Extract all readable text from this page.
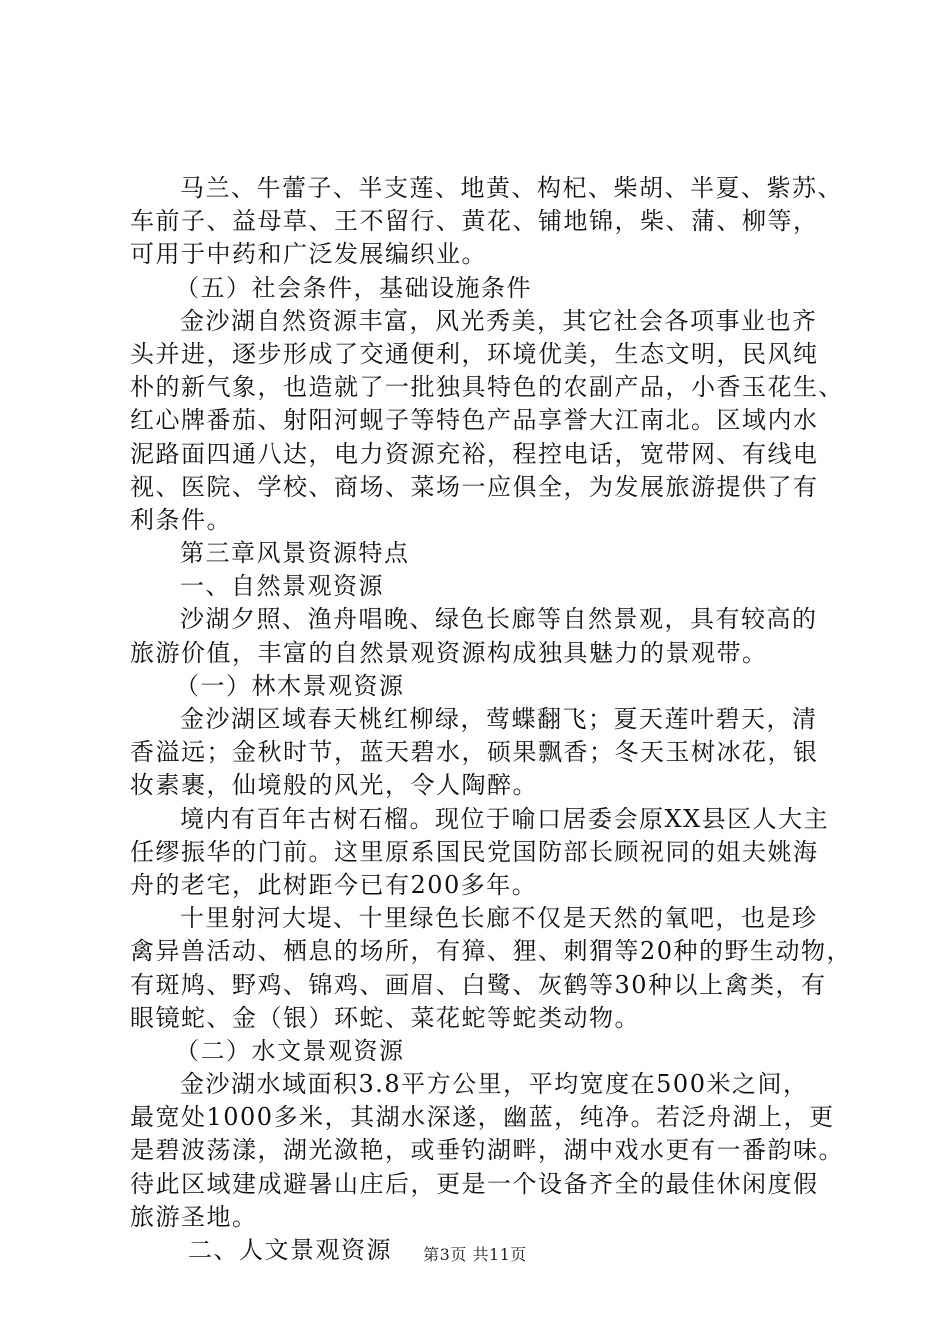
马兰、牛蕾子、半支莲、地黄、构杞、柴胡、半夏、紫苏、
车前子、益母草、王不留行、黄花、铺地锦，柴、蒲、柳等，
可用于中药和广泛发展编织业。
（五）社会条件，基础设施条件
金沙湖自然资源丰富，风光秀美，其它社会各项事业也齐
头并进，逐步形成了交通便利，环境优美，生态文明，民风纯
朴的新气象，也造就了一批独具特色的农副产品，小香玉花生、
红心牌番茄、射阳河蚬子等特色产品享誉大江南北。区域内水
泥路面四通八达，电力资源充裕，程控电话，宽带网、有线电
视、医院、学校、商场、菜场一应俱全，为发展旅游提供了有
利条件。
第三章风景资源特点
一、自然景观资源
沙湖夕照、渔舟唱晚、绿色长廊等自然景观，具有较高的
旅游价值，丰富的自然景观资源构成独具魅力的景观带。
（一）林木景观资源
金沙湖区域春天桃红柳绿，莺蝶翻飞；夏天莲叶碧天，清
香溢远；金秋时节，蓝天碧水，硕果飘香；冬天玉树冰花，银
妆素裹，仙境般的风光，令人陶醉。
境内有百年古树石榴。现位于喻口居委会原XX县区人大主
任缪振华的门前。这里原系国民党国防部长顾祝同的姐夫姚海
舟的老宅，此树距今已有200多年。
十里射河大堤、十里绿色长廊不仅是天然的氧吧，也是珍
禽异兽活动、栖息的场所，有獐、狸、刺猬等20种的野生动物，
有斑鸠、野鸡、锦鸡、画眉、白鹭、灰鹤等30种以上禽类，有
眼镜蛇、金（银）环蛇、菜花蛇等蛇类动物。
（二）水文景观资源
金沙湖水域面积3.8平方公里，平均宽度在500米之间，
最宽处1000多米，其湖水深遂，幽蓝，纯净。若泛舟湖上，更
是碧波荡漾，湖光潋艳，或垂钓湖畔，湖中戏水更有一番韵味。
待此区域建成避暑山庄后，更是一个设备齐全的最佳休闲度假
旅游圣地。
二、人文景观资源	第3页 共11页
